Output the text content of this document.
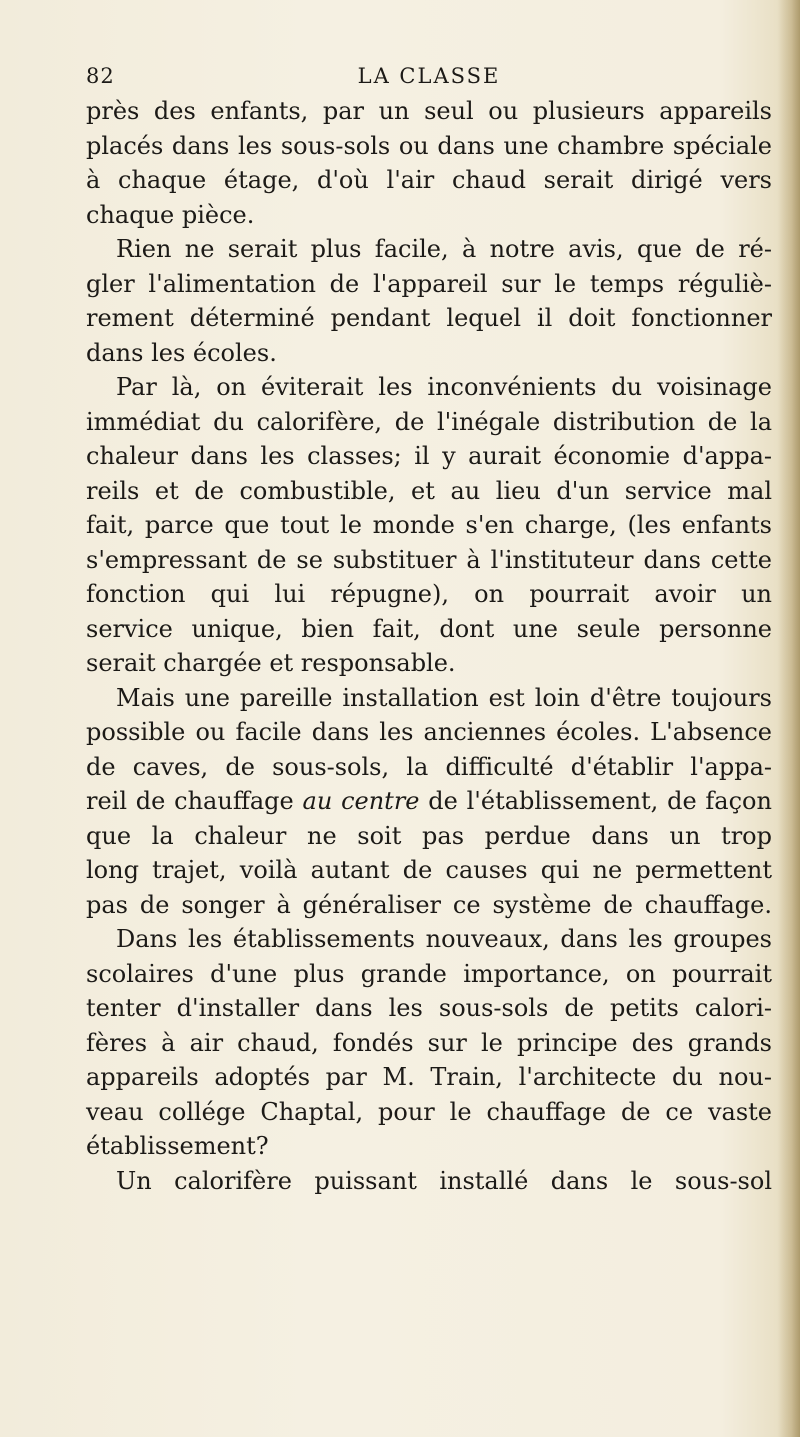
82	LA CLASSE
près des enfants, par un seul ou plusieurs appareils
placés dans les sous-sols ou dans une chambre spéciale
à chaque étage, d'où l'air chaud serait dirigé vers
chaque pièce.
Rien ne serait plus facile, à notre avis, que de ré-
gler l'alimentation de l'appareil sur le temps réguliè-
rement déterminé pendant lequel il doit fonctionner
dans les écoles.
Par là, on éviterait les inconvénients du voisinage
immédiat du calorifère, de l'inégale distribution de la
chaleur dans les classes; il y aurait économie d'appa-
reils et de combustible, et au lieu d'un service mal
fait, parce que tout le monde s'en charge, (les enfants
s'empressant de se substituer à l'instituteur dans cette
fonction qui lui répugne), on pourrait avoir un
service unique, bien fait, dont une seule personne
serait chargée et responsable.
Mais une pareille installation est loin d'être toujours
possible ou facile dans les anciennes écoles. L'absence
de caves, de sous-sols, la difficulté d'établir l'appa-
reil de chauffage au centre de l'établissement, de façon
que la chaleur ne soit pas perdue dans un trop
long trajet, voilà autant de causes qui ne permettent
pas de songer à généraliser ce système de chauffage.
Dans les établissements nouveaux, dans les groupes
scolaires d'une plus grande importance, on pourrait
tenter d'installer dans les sous-sols de petits calori-
fères à air chaud, fondés sur le principe des grands
appareils adoptés par M. Train, l'architecte du nou-
veau collége Chaptal, pour le chauffage de ce vaste
établissement?
Un calorifère puissant installé dans le sous-sol
